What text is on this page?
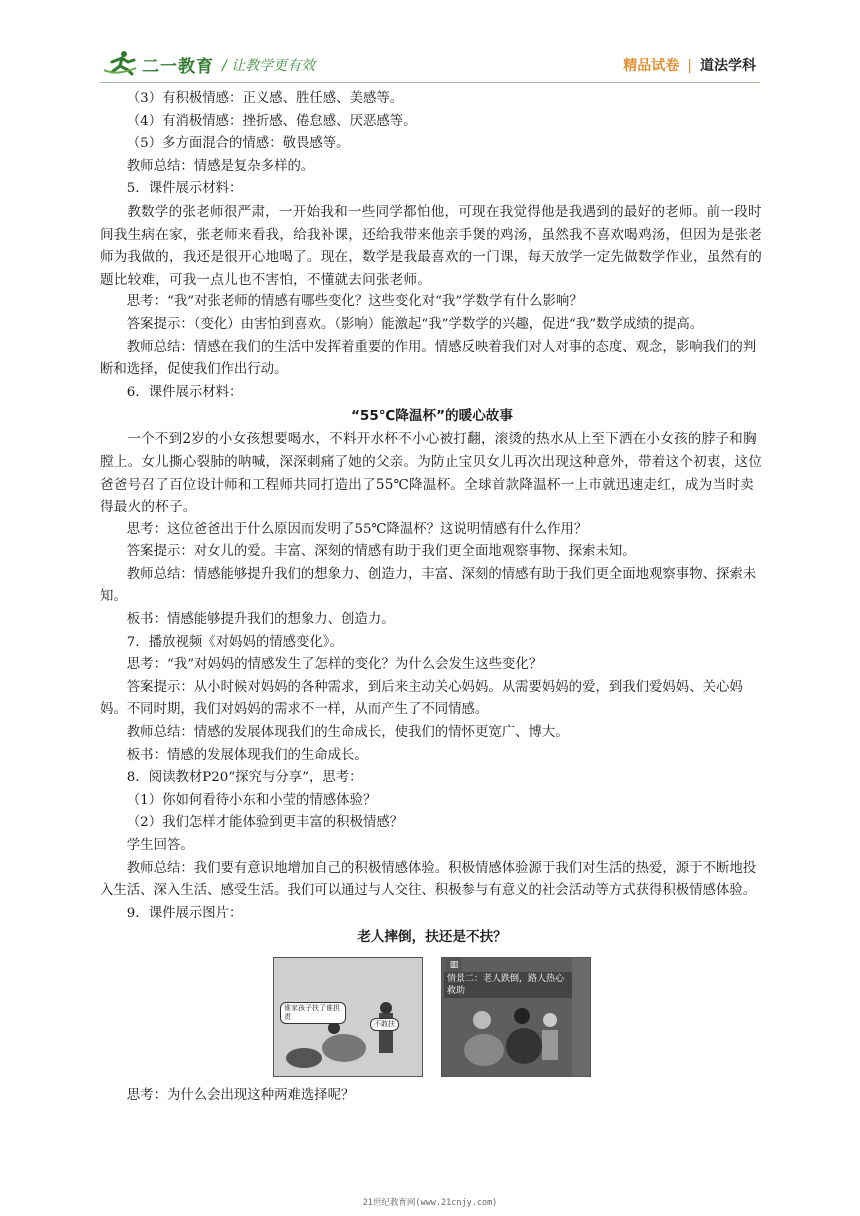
二一教育 / 让教学更有效	精品试卷 | 道法学科

（3）有积极情感：正义感、胜任感、美感等。

（4）有消极情感：挫折感、倦怠感、厌恶感等。

（5）多方面混合的情感：敬畏感等。

教师总结：情感是复杂多样的。

5．课件展示材料：

教数学的张老师很严肃，一开始我和一些同学都怕他，可现在我觉得他是我遇到的最好的老师。前一段时间我生病在家，张老师来看我，给我补课，还给我带来他亲手煲的鸡汤，虽然我不喜欢喝鸡汤，但因为是张老师为我做的，我还是很开心地喝了。现在，数学是我最喜欢的一门课，每天放学一定先做数学作业，虽然有的题比较难，可我一点儿也不害怕，不懂就去问张老师。

思考：“我”对张老师的情感有哪些变化？这些变化对“我”学数学有什么影响？

答案提示：（变化）由害怕到喜欢。（影响）能激起“我”学数学的兴趣，促进“我”数学成绩的提高。

教师总结：情感在我们的生活中发挥着重要的作用。情感反映着我们对人对事的态度、观念，影响我们的判断和选择，促使我们作出行动。

6．课件展示材料：

“55℃降温杯”的暖心故事

一个不到2岁的小女孩想要喝水，不料开水杯不小心被打翻，滚烫的热水从上至下洒在小女孩的脖子和胸膛上。女儿撕心裂肺的呐喊，深深刺痛了她的父亲。为防止宝贝女儿再次出现这种意外，带着这个初衷，这位爸爸号召了百位设计师和工程师共同打造出了55℃降温杯。全球首款降温杯一上市就迅速走红，成为当时卖得最火的杯子。

思考：这位爸爸出于什么原因而发明了55℃降温杯？这说明情感有什么作用？

答案提示：对女儿的爱。丰富、深刻的情感有助于我们更全面地观察事物、探索未知。

教师总结：情感能够提升我们的想象力、创造力，丰富、深刻的情感有助于我们更全面地观察事物、探索未知。

板书：情感能够提升我们的想象力、创造力。

7．播放视频《对妈妈的情感变化》。

思考：“我”对妈妈的情感发生了怎样的变化？为什么会发生这些变化？

答案提示：从小时候对妈妈的各种需求，到后来主动关心妈妈。从需要妈妈的爱，到我们爱妈妈、关心妈妈。不同时期，我们对妈妈的需求不一样，从而产生了不同情感。

教师总结：情感的发展体现我们的生命成长，使我们的情怀更宽广、博大。

板书：情感的发展体现我们的生命成长。

8．阅读教材P20“探究与分享”，思考：

（1）你如何看待小东和小莹的情感体验？

（2）我们怎样才能体验到更丰富的积极情感？

学生回答。

教师总结：我们要有意识地增加自己的积极情感体验。积极情感体验源于我们对生活的热爱，源于不断地投入生活、深入生活、感受生活。我们可以通过与人交往、积极参与有意义的社会活动等方式获得积极情感体验。

9．课件展示图片：

老人摔倒，扶还是不扶？

谁家孩子扶了谁担责
不敢扶
▥
情景二：老人跌倒，路人热心救助

思考：为什么会出现这种两难选择呢？

21世纪教育网(www.21cnjy.com)
